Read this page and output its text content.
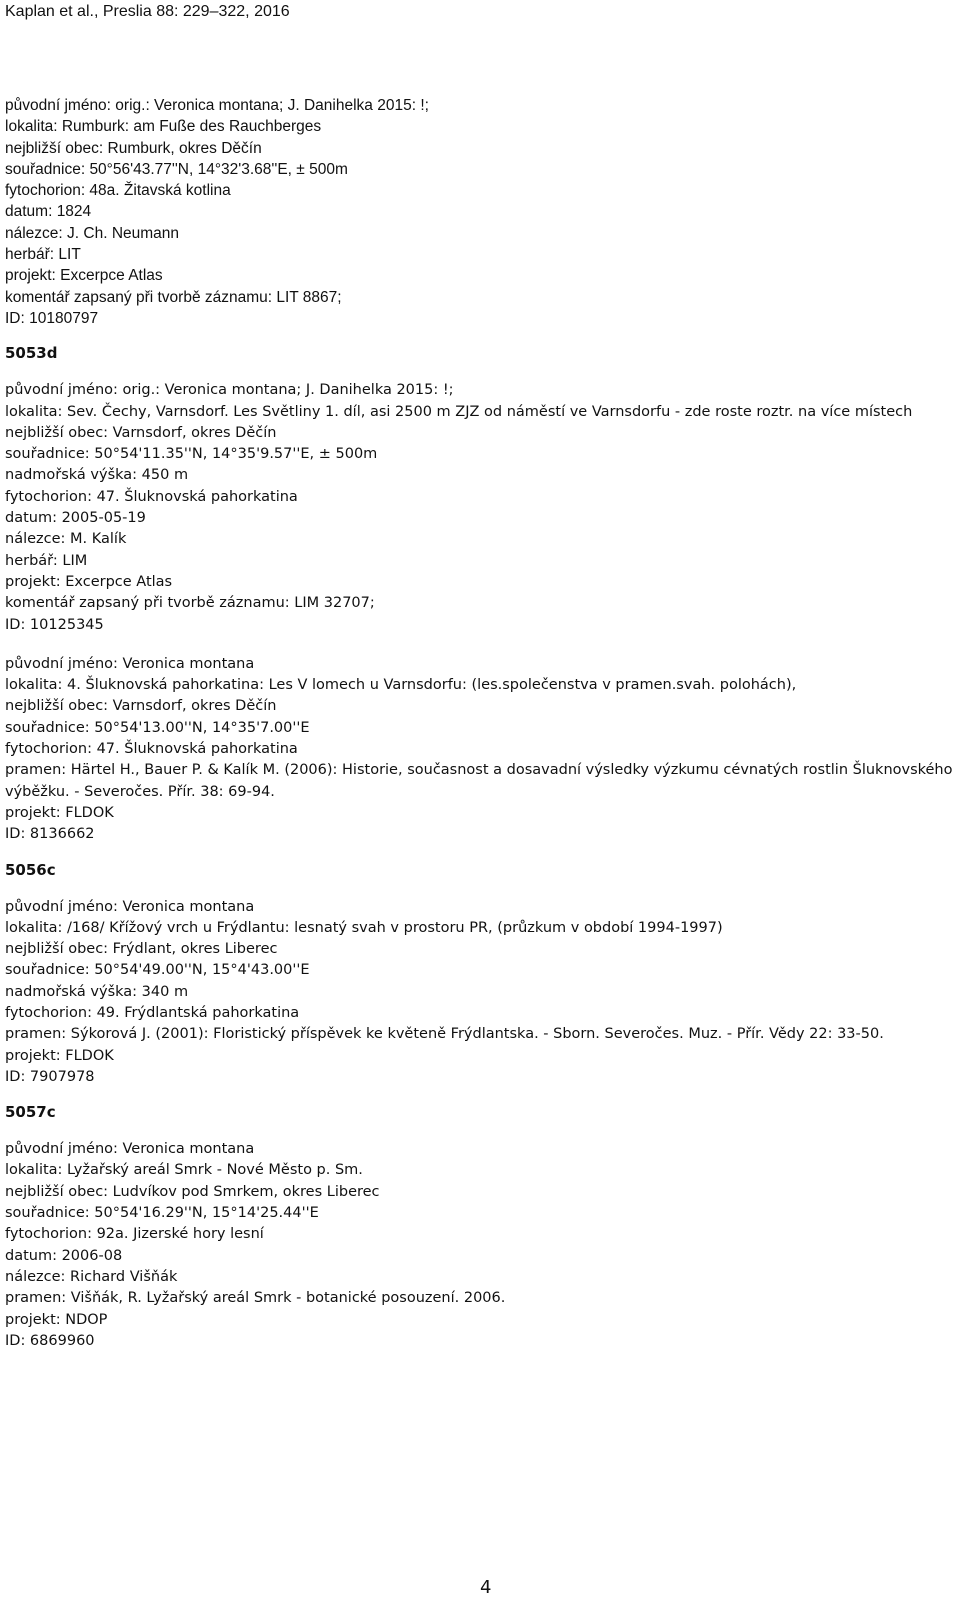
Kaplan et al., Preslia 88: 229–322, 2016
původní jméno: orig.: Veronica montana; J. Danihelka 2015: !;
lokalita: Rumburk: am Fuße des Rauchberges
nejbližší obec: Rumburk, okres Děčín
souřadnice: 50°56'43.77''N, 14°32'3.68''E, ± 500m
fytochorion: 48a. Žitavská kotlina
datum: 1824
nálezce: J. Ch. Neumann
herbář: LIT
projekt: Excerpce Atlas
komentář zapsaný při tvorbě záznamu: LIT 8867;
ID: 10180797
5053d
původní jméno: orig.: Veronica montana; J. Danihelka 2015: !;
lokalita: Sev. Čechy, Varnsdorf. Les Světliny 1. díl, asi 2500 m ZJZ od náměstí ve Varnsdorfu - zde roste roztr. na více místech
nejbližší obec: Varnsdorf, okres Děčín
souřadnice: 50°54'11.35''N, 14°35'9.57''E, ± 500m
nadmořská výška: 450 m
fytochorion: 47. Šluknovská pahorkatina
datum: 2005-05-19
nálezce: M. Kalík
herbář: LIM
projekt: Excerpce Atlas
komentář zapsaný při tvorbě záznamu: LIM 32707;
ID: 10125345
původní jméno: Veronica montana
lokalita: 4. Šluknovská pahorkatina: Les V lomech u Varnsdorfu: (les.společenstva v pramen.svah. polohách),
nejbližší obec: Varnsdorf, okres Děčín
souřadnice: 50°54'13.00''N, 14°35'7.00''E
fytochorion: 47. Šluknovská pahorkatina
pramen: Härtel H., Bauer P. & Kalík M. (2006): Historie, současnost a dosavadní výsledky výzkumu cévnatých rostlin Šluknovského výběžku. - Severočes. Přír. 38: 69-94.
projekt: FLDOK
ID: 8136662
5056c
původní jméno: Veronica montana
lokalita: /168/ Křížový vrch u Frýdlantu: lesnatý svah v prostoru PR, (průzkum v období 1994-1997)
nejbližší obec: Frýdlant, okres Liberec
souřadnice: 50°54'49.00''N, 15°4'43.00''E
nadmořská výška: 340 m
fytochorion: 49. Frýdlantská pahorkatina
pramen: Sýkorová J. (2001): Floristický příspěvek ke květeně Frýdlantska. - Sborn. Severočes. Muz. - Přír. Vědy 22: 33-50.
projekt: FLDOK
ID: 7907978
5057c
původní jméno: Veronica montana
lokalita: Lyžařský areál Smrk - Nové Město p. Sm.
nejbližší obec: Ludvíkov pod Smrkem, okres Liberec
souřadnice: 50°54'16.29''N, 15°14'25.44''E
fytochorion: 92a. Jizerské hory lesní
datum: 2006-08
nálezce: Richard Višňák
pramen: Višňák, R. Lyžařský areál Smrk - botanické posouzení. 2006.
projekt: NDOP
ID: 6869960
4
